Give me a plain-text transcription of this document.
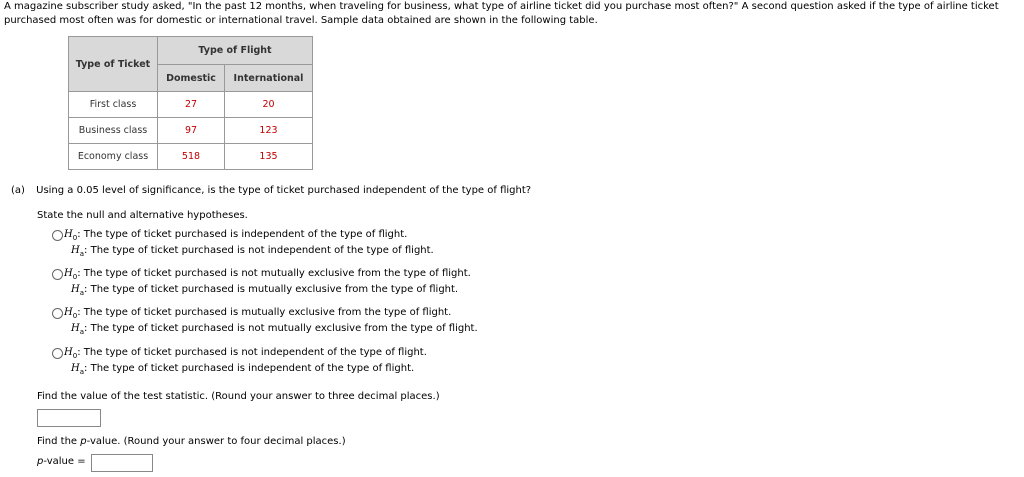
A magazine subscriber study asked, "In the past 12 months, when traveling for business, what type of airline ticket did you purchase most often?" A second question asked if the type of airline ticket purchased most often was for domestic or international travel. Sample data obtained are shown in the following table.
Type of Ticket	Type of Flight	
	Domestic	International
First class	27	20
Business class	97	123
Economy class	518	135
(a) Using a 0.05 level of significance, is the type of ticket purchased independent of the type of flight?
State the null and alternative hypotheses.
$H_0$: The type of ticket purchased is independent of the type of flight.
$H_a$: The type of ticket purchased is not independent of the type of flight.
$H_0$: The type of ticket purchased is not mutually exclusive from the type of flight.
$H_a$: The type of ticket purchased is mutually exclusive from the type of flight.
$H_0$: The type of ticket purchased is mutually exclusive from the type of flight.
$H_a$: The type of ticket purchased is not mutually exclusive from the type of flight.
$H_0$: The type of ticket purchased is not independent of the type of flight.
$H_a$: The type of ticket purchased is independent of the type of flight.
Find the value of the test statistic. (Round your answer to three decimal places.)
Find the p-value. (Round your answer to four decimal places.)
p-value =
